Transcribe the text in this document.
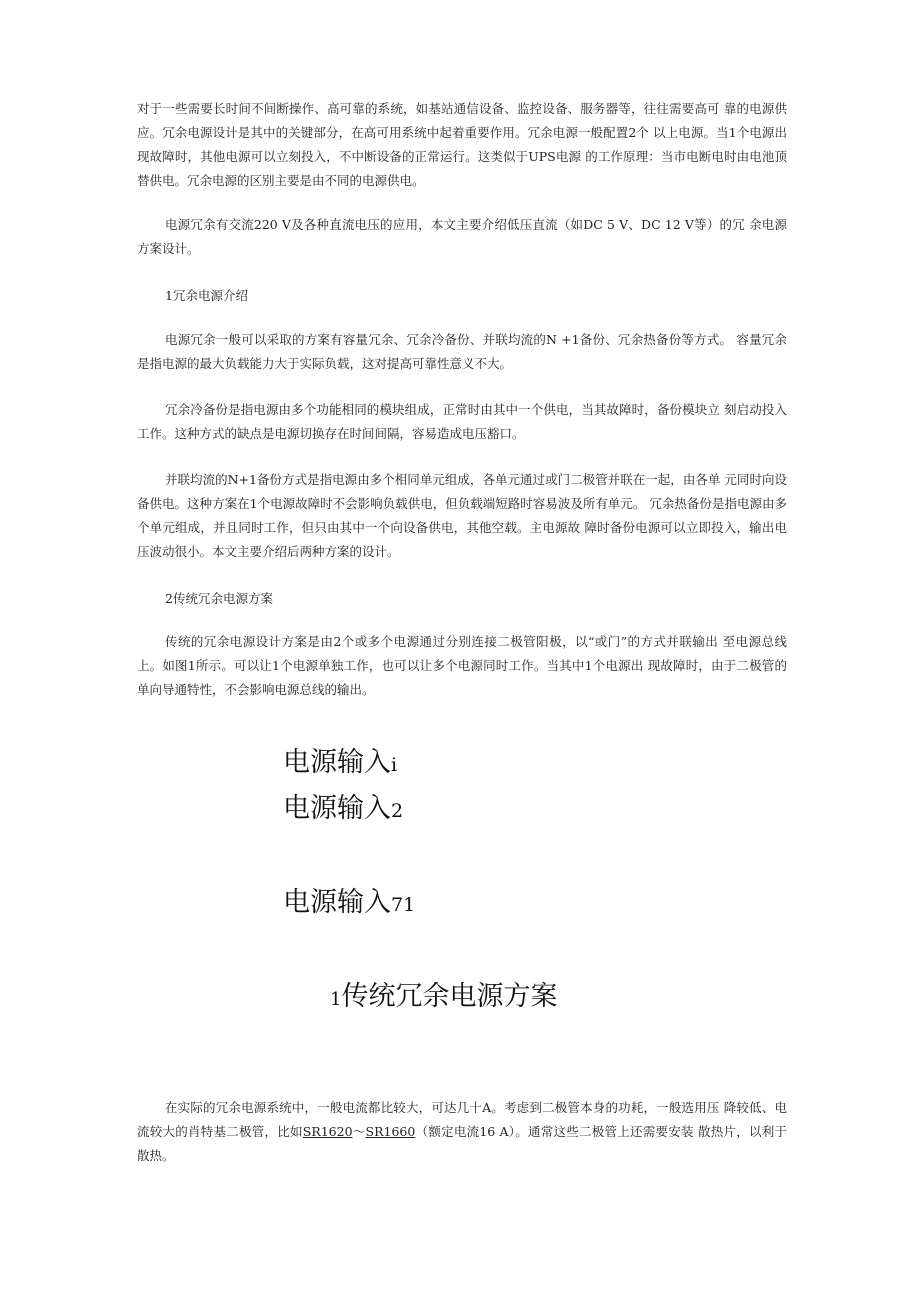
对于一些需要长时间不间断操作、高可靠的系统，如基站通信设备、监控设备、服务器等，往往需要高可 靠的电源供应。冗余电源设计是其中的关键部分，在高可用系统中起着重要作用。冗余电源一般配置2个 以上电源。当1个电源出现故障时，其他电源可以立刻投入，不中断设备的正常运行。这类似于UPS电源 的工作原理：当市电断电时由电池顶替供电。冗余电源的区别主要是由不同的电源供电。

电源冗余有交流220 V及各种直流电压的应用，本文主要介绍低压直流（如DC 5 V、DC 12 V等）的冗 余电源方案设计。

1冗余电源介绍

电源冗余一般可以采取的方案有容量冗余、冗余冷备份、并联均流的N +1备份、冗余热备份等方式。 容量冗余是指电源的最大负载能力大于实际负载，这对提高可靠性意义不大。

冗余冷备份是指电源由多个功能相同的模块组成，正常时由其中一个供电，当其故障时，备份模块立 刻启动投入工作。这种方式的缺点是电源切换存在时间间隔，容易造成电压豁口。

并联均流的N+1备份方式是指电源由多个相同单元组成，各单元通过或门二极管并联在一起，由各单 元同时向设备供电。这种方案在1个电源故障时不会影响负载供电，但负载端短路时容易波及所有单元。 冗余热备份是指电源由多个单元组成，并且同时工作，但只由其中一个向设备供电，其他空载。主电源故 障时备份电源可以立即投入，输出电压波动很小。本文主要介绍后两种方案的设计。

2传统冗余电源方案

传统的冗余电源设计方案是由2个或多个电源通过分别连接二极管阳极，以“或门”的方式并联输出 至电源总线上。如图1所示。可以让1个电源单独工作，也可以让多个电源同时工作。当其中1个电源出 现故障时，由于二极管的单向导通特性，不会影响电源总线的输出。

电源输入i
电源输入2
电源输入71
1传统冗余电源方案

在实际的冗余电源系统中，一般电流都比较大，可达几十A。考虑到二极管本身的功耗，一般选用压 降较低、电流较大的肖特基二极管，比如SR1620〜SR1660（额定电流16 A）。通常这些二极管上还需要安装 散热片，以利于散热。
